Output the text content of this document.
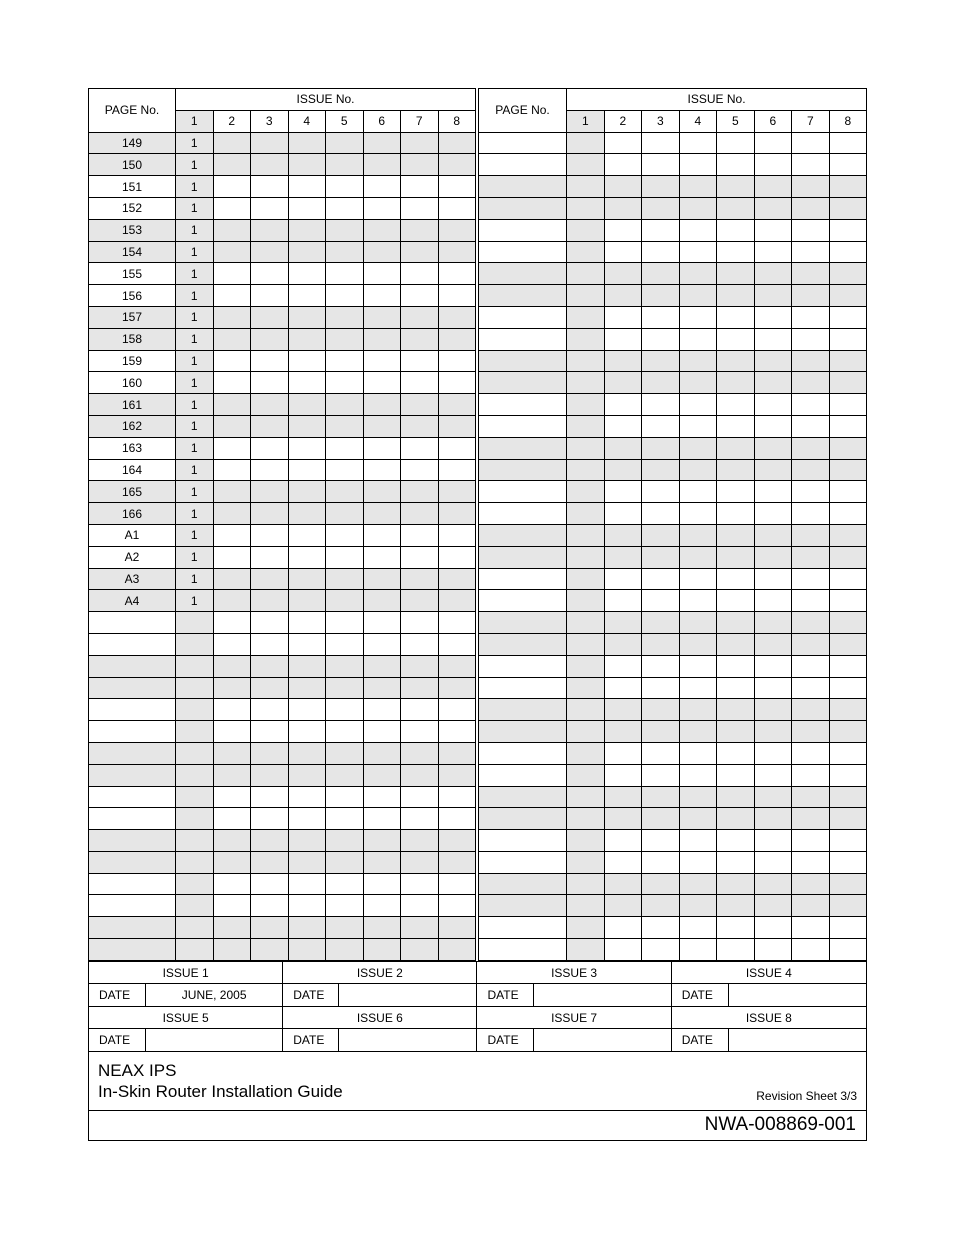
PAGE No.	ISSUE No.							
	1	2	3	4	5	6	7	8
149	1							
150	1							
151	1							
152	1							
153	1							
154	1							
155	1							
156	1							
157	1							
158	1							
159	1							
160	1							
161	1							
162	1							
163	1							
164	1							
165	1							
166	1							
A1	1							
A2	1							
A3	1							
A4	1							

PAGE No.	ISSUE No.							
	1	2	3	4	5	6	7	8

ISSUE 1		ISSUE 2		ISSUE 3		ISSUE 4	
DATE	JUNE, 2005	DATE		DATE		DATE	
ISSUE 5		ISSUE 6		ISSUE 7		ISSUE 8	
DATE		DATE		DATE		DATE	
NEAX IPS
In-Skin Router Installation Guide	Revision Sheet 3/3
NWA-008869-001
